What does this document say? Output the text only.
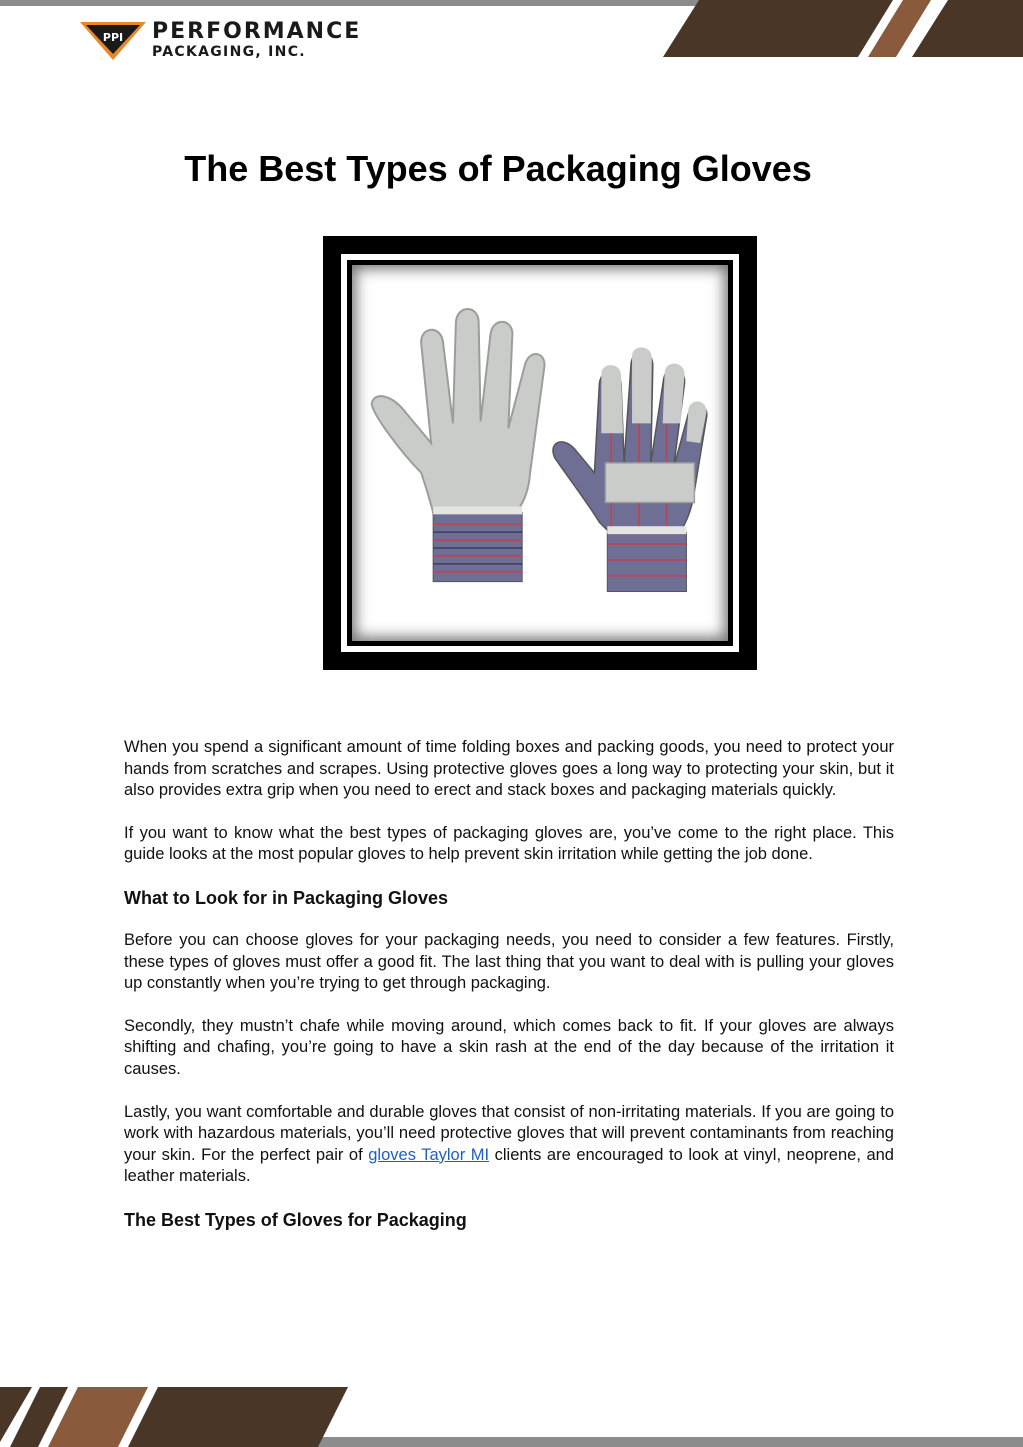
PPI PERFORMANCE
PACKAGING, INC.
The Best Types of Packaging Gloves

When you spend a significant amount of time folding boxes and packing goods, you need to protect your hands from scratches and scrapes. Using protective gloves goes a long way to protecting your skin, but it also provides extra grip when you need to erect and stack boxes and packaging materials quickly.

If you want to know what the best types of packaging gloves are, you’ve come to the right place. This guide looks at the most popular gloves to help prevent skin irritation while getting the job done.

What to Look for in Packaging Gloves

Before you can choose gloves for your packaging needs, you need to consider a few features. Firstly, these types of gloves must offer a good fit. The last thing that you want to deal with is pulling your gloves up constantly when you’re trying to get through packaging.

Secondly, they mustn’t chafe while moving around, which comes back to fit. If your gloves are always shifting and chafing, you’re going to have a skin rash at the end of the day because of the irritation it causes.

Lastly, you want comfortable and durable gloves that consist of non-irritating materials. If you are going to work with hazardous materials, you’ll need protective gloves that will prevent contaminants from reaching your skin. For the perfect pair of gloves Taylor MI clients are encouraged to look at vinyl, neoprene, and leather materials.

The Best Types of Gloves for Packaging
